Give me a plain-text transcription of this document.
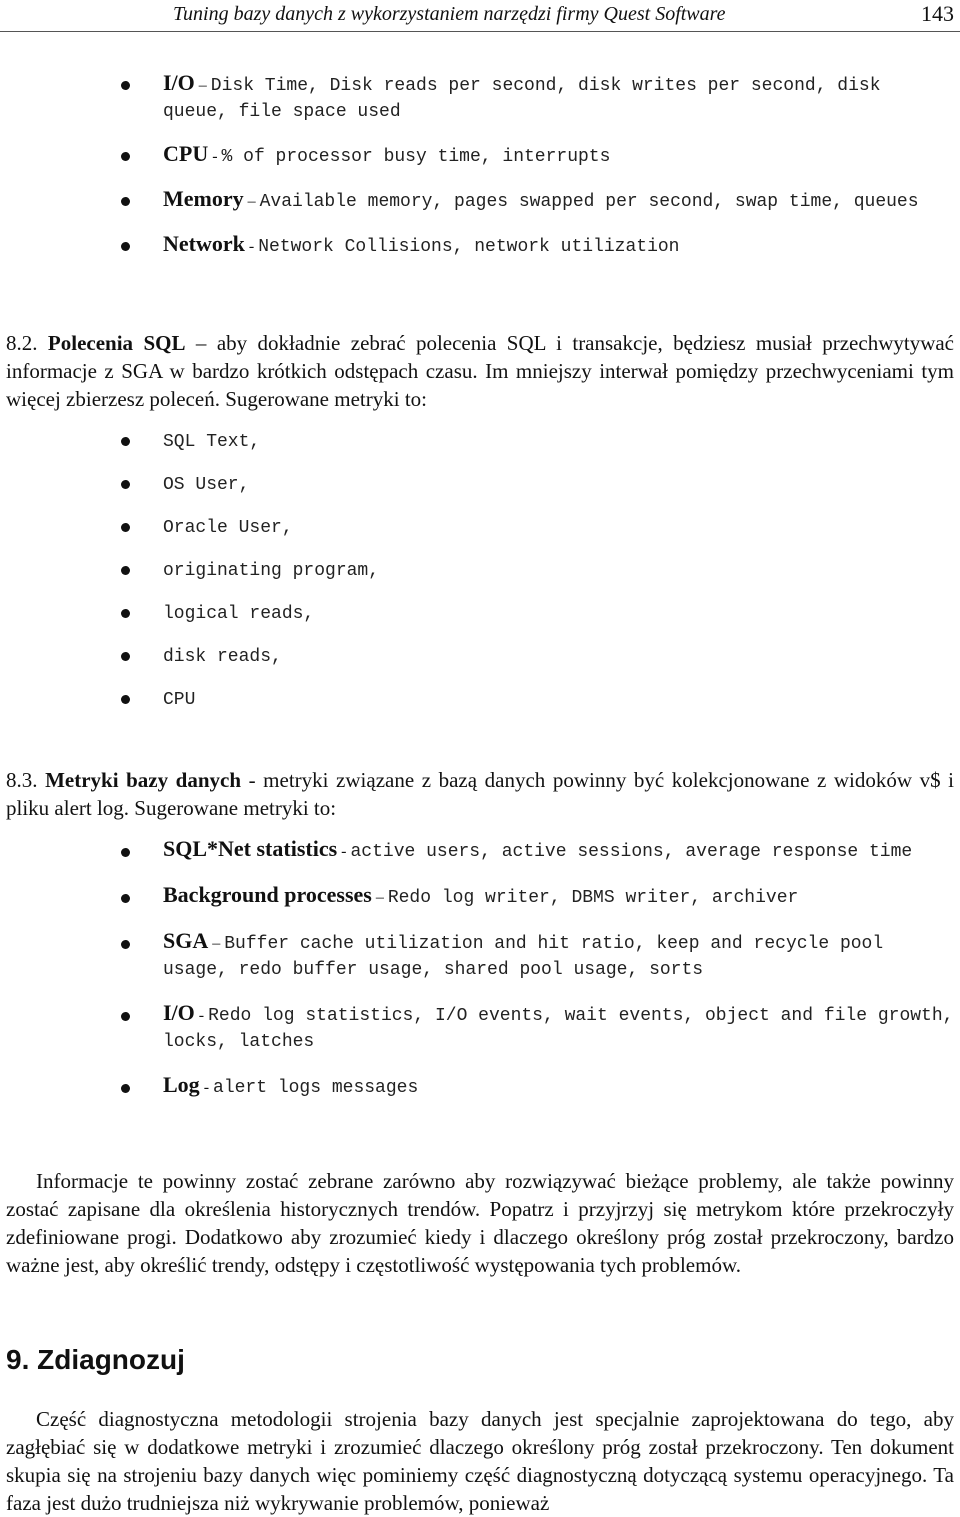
Tuning bazy danych z wykorzystaniem narzędzi firmy Quest Software	143
I/O – Disk Time, Disk reads per second, disk writes per second, disk queue, file space used
CPU - % of processor busy time, interrupts
Memory – Available memory, pages swapped per second, swap time, queues
Network - Network Collisions, network utilization

8.2. Polecenia SQL – aby dokładnie zebrać polecenia SQL i transakcje, będziesz musiał przechwytywać informacje z SGA w bardzo krótkich odstępach czasu. Im mniejszy interwał pomiędzy przechwyceniami tym więcej zbierzesz poleceń. Sugerowane metryki to:

SQL Text,
OS User,
Oracle User,
originating program,
logical reads,
disk reads,
CPU

8.3. Metryki bazy danych - metryki związane z bazą danych powinny być kolekcjonowane z widoków v$ i pliku alert log. Sugerowane metryki to:

SQL*Net statistics - active users, active sessions, average response time
Background processes – Redo log writer, DBMS writer, archiver
SGA – Buffer cache utilization and hit ratio, keep and recycle pool usage, redo buffer usage, shared pool usage, sorts
I/O - Redo log statistics, I/O events, wait events, object and file growth, locks, latches
Log - alert logs messages

Informacje te powinny zostać zebrane zarówno aby rozwiązywać bieżące problemy, ale także powinny zostać zapisane dla określenia historycznych trendów. Popatrz i przyjrzyj się metrykom które przekroczyły zdefiniowane progi. Dodatkowo aby zrozumieć kiedy i dlaczego określony próg został przekroczony, bardzo ważne jest, aby określić trendy, odstępy i częstotliwość występowania tych problemów.

9. Zdiagnozuj

Część diagnostyczna metodologii strojenia bazy danych jest specjalnie zaprojektowana do tego, aby zagłębiać się w dodatkowe metryki i zrozumieć dlaczego określony próg został przekroczony. Ten dokument skupia się na strojeniu bazy danych więc pominiemy część diagnostyczną dotyczącą systemu operacyjnego. Ta faza jest dużo trudniejsza niż wykrywanie problemów, ponieważ
